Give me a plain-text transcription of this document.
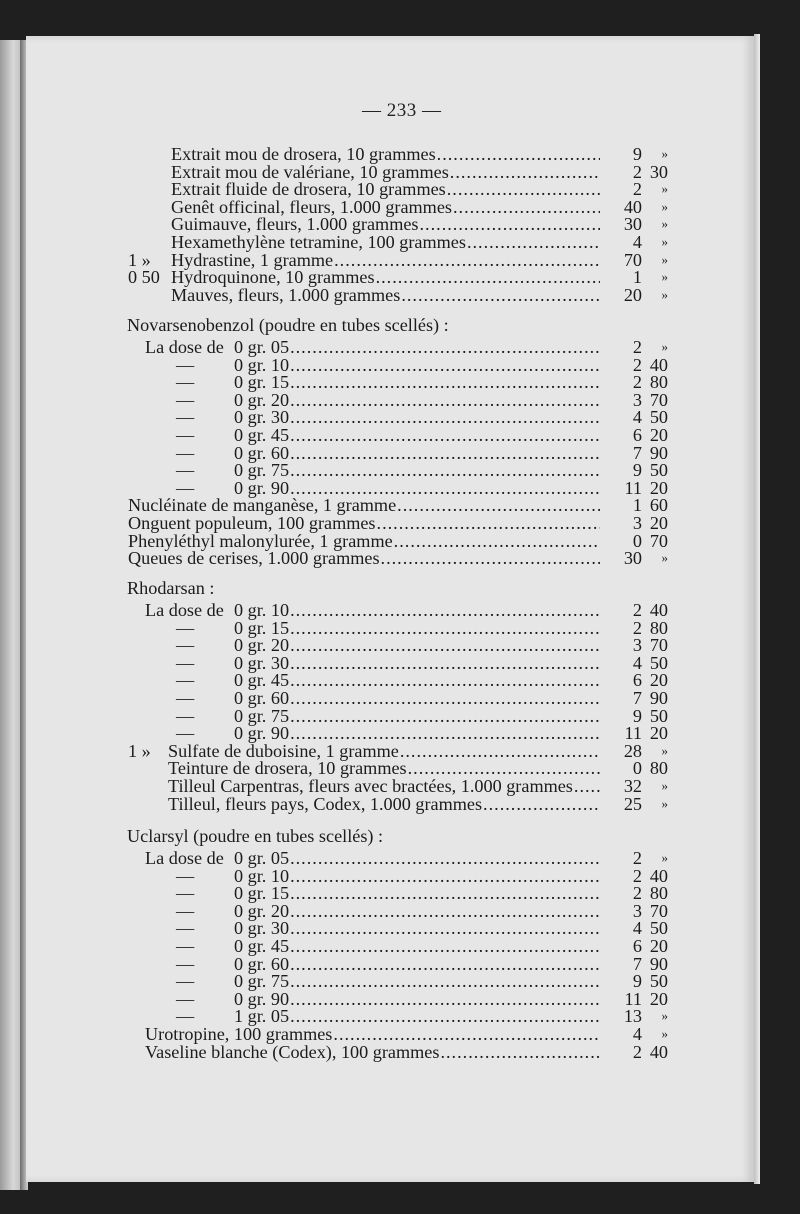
— 233 —
Extrait mou de drosera, 10 grammes .....	9	»
Extrait mou de valériane, 10 grammes .....	2 30
Extrait fluide de drosera, 10 grammes .....	2	»
Genêt officinal, fleurs, 1.000 grammes .....	40	»
Guimauve, fleurs, 1.000 grammes .....	30	»
Hexamethylène tetramine, 100 grammes .....	4	»
1 » Hydrastine, 1 gramme .....	70	»
0 50 Hydroquinone, 10 grammes .....	1	»
Mauves, fleurs, 1.000 grammes .....	20	»
Novarsenobenzol (poudre en tubes scellés) :
La dose de 0 gr. 05 .....	2	»
— 0 gr. 10 .....	2 40
— 0 gr. 15 .....	2 80
— 0 gr. 20 .....	3 70
— 0 gr. 30 .....	4 50
— 0 gr. 45 .....	6 20
— 0 gr. 60 .....	7 90
— 0 gr. 75 .....	9 50
— 0 gr. 90 .....	11 20
Nucléinate de manganèse, 1 gramme .....	1 60
Onguent populeum, 100 grammes .....	3 20
Phenyléthyl malonylurée, 1 gramme .....	0 70
Queues de cerises, 1.000 grammes .....	30	»
Rhodarsan :
La dose de 0 gr. 10 .....	2 40
— 0 gr. 15 .....	2 80
— 0 gr. 20 .....	3 70
— 0 gr. 30 .....	4 50
— 0 gr. 45 .....	6 20
— 0 gr. 60 .....	7 90
— 0 gr. 75 .....	9 50
— 0 gr. 90 .....	11 20
1 » Sulfate de duboisine, 1 gramme .....	28	»
Teinture de drosera, 10 grammes .....	0 80
Tilleul Carpentras, fleurs avec bractées, 1.000 grammes .....	32	»
Tilleul, fleurs pays, Codex, 1.000 grammes .....	25	»
Uclarsyl (poudre en tubes scellés) :
La dose de 0 gr. 05 .....	2	»
— 0 gr. 10 .....	2 40
— 0 gr. 15 .....	2 80
— 0 gr. 20 .....	3 70
— 0 gr. 30 .....	4 50
— 0 gr. 45 .....	6 20
— 0 gr. 60 .....	7 90
— 0 gr. 75 .....	9 50
— 0 gr. 90 .....	11 20
— 1 gr. 05 .....	13	»
Urotropine, 100 grammes .....	4	»
Vaseline blanche (Codex), 100 grammes .....	2 40
